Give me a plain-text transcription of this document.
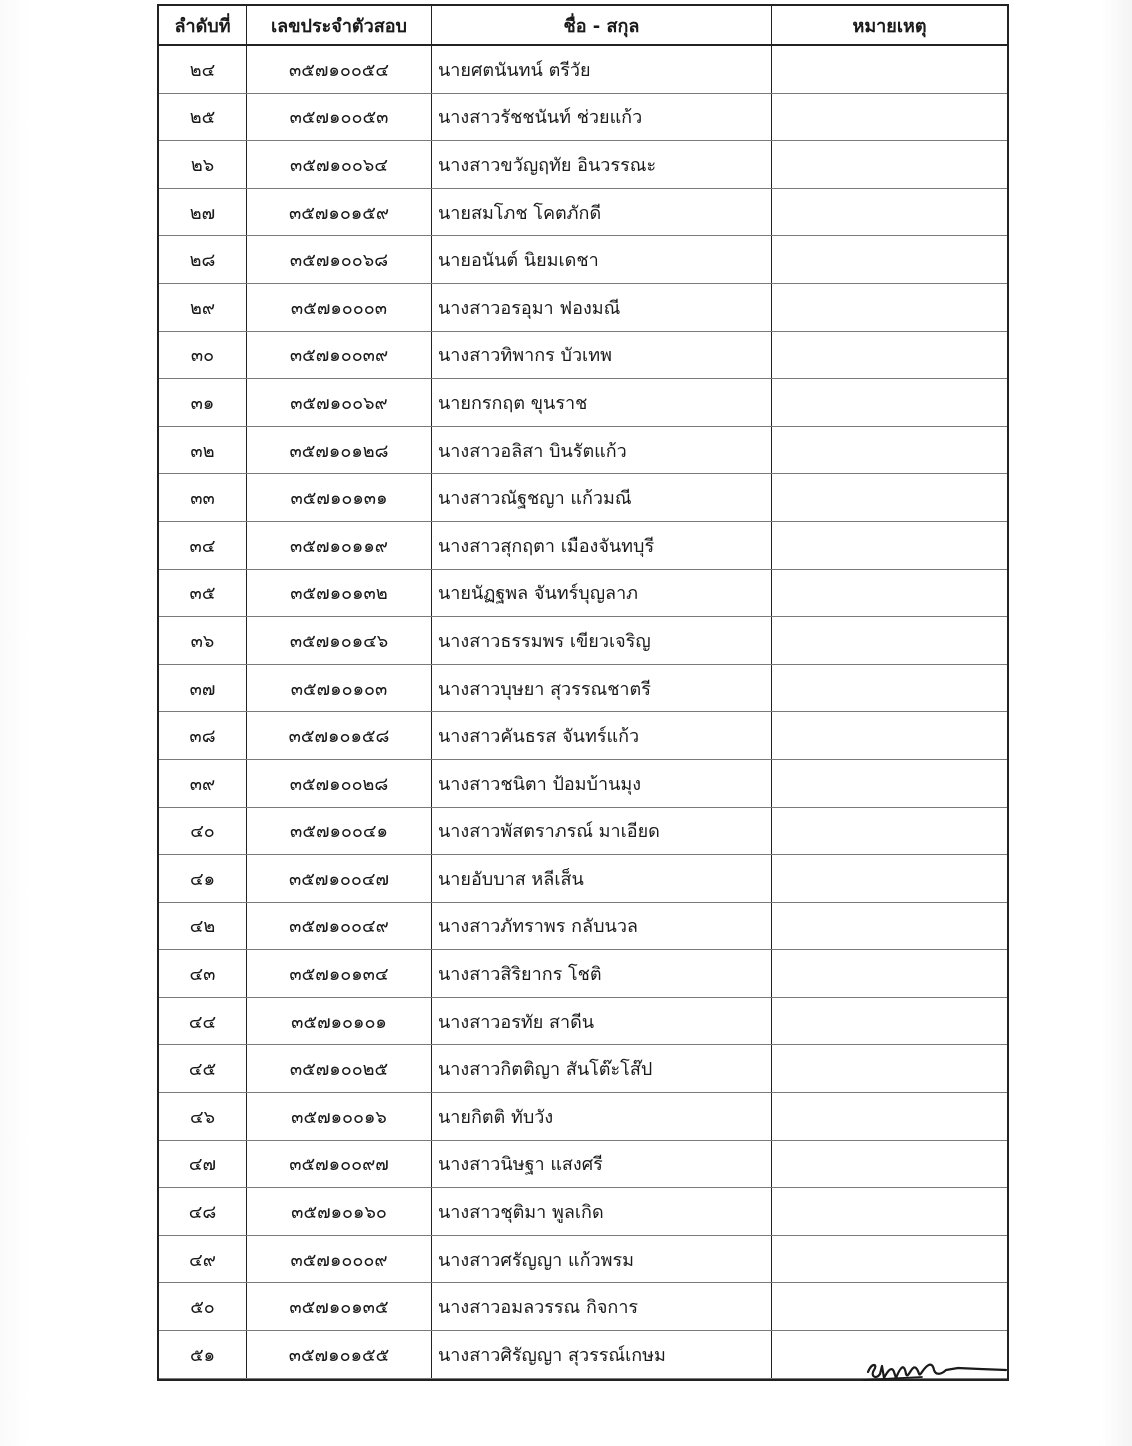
ลำดับที่	เลขประจำตัวสอบ	ชื่อ - สกุล	หมายเหตุ
๒๔	๓๕๗๑๐๐๕๔	นายศตนันทน์ ตรีวัย
๒๕	๓๕๗๑๐๐๕๓	นางสาวรัชชนันท์ ช่วยแก้ว
๒๖	๓๕๗๑๐๐๖๔	นางสาวขวัญฤทัย อินวรรณะ
๒๗	๓๕๗๑๐๑๕๙	นายสมโภช โคตภักดี
๒๘	๓๕๗๑๐๐๖๘	นายอนันต์ นิยมเดชา
๒๙	๓๕๗๑๐๐๐๓	นางสาวอรอุมา ฟองมณี
๓๐	๓๕๗๑๐๐๓๙	นางสาวทิพากร บัวเทพ
๓๑	๓๕๗๑๐๐๖๙	นายกรกฤต ขุนราช
๓๒	๓๕๗๑๐๑๒๘	นางสาวอลิสา บินรัตแก้ว
๓๓	๓๕๗๑๐๑๓๑	นางสาวณัฐชญา แก้วมณี
๓๔	๓๕๗๑๐๑๑๙	นางสาวสุกฤตา เมืองจันทบุรี
๓๕	๓๕๗๑๐๑๓๒	นายนัฏฐพล จันทร์บุญลาภ
๓๖	๓๕๗๑๐๑๔๖	นางสาวธรรมพร เขียวเจริญ
๓๗	๓๕๗๑๐๑๐๓	นางสาวบุษยา สุวรรณชาตรี
๓๘	๓๕๗๑๐๑๕๘	นางสาวคันธรส จันทร์แก้ว
๓๙	๓๕๗๑๐๐๒๘	นางสาวชนิตา ป้อมบ้านมุง
๔๐	๓๕๗๑๐๐๔๑	นางสาวพัสตราภรณ์ มาเอียด
๔๑	๓๕๗๑๐๐๔๗	นายอับบาส หลีเส็น
๔๒	๓๕๗๑๐๐๔๙	นางสาวภัทราพร กลับนวล
๔๓	๓๕๗๑๐๑๓๔	นางสาวสิริยากร โชติ
๔๔	๓๕๗๑๐๑๐๑	นางสาวอรทัย สาดีน
๔๕	๓๕๗๑๐๐๒๕	นางสาวกิตติญา สันโต๊ะโส๊ป
๔๖	๓๕๗๑๐๐๑๖	นายกิตติ ทับวัง
๔๗	๓๕๗๑๐๐๙๗	นางสาวนิษฐา แสงศรี
๔๘	๓๕๗๑๐๑๖๐	นางสาวชุติมา พูลเกิด
๔๙	๓๕๗๑๐๐๐๙	นางสาวศรัญญา แก้วพรม
๕๐	๓๕๗๑๐๑๓๕	นางสาวอมลวรรณ กิจการ
๕๑	๓๕๗๑๐๑๕๕	นางสาวศิรัญญา สุวรรณ์เกษม
